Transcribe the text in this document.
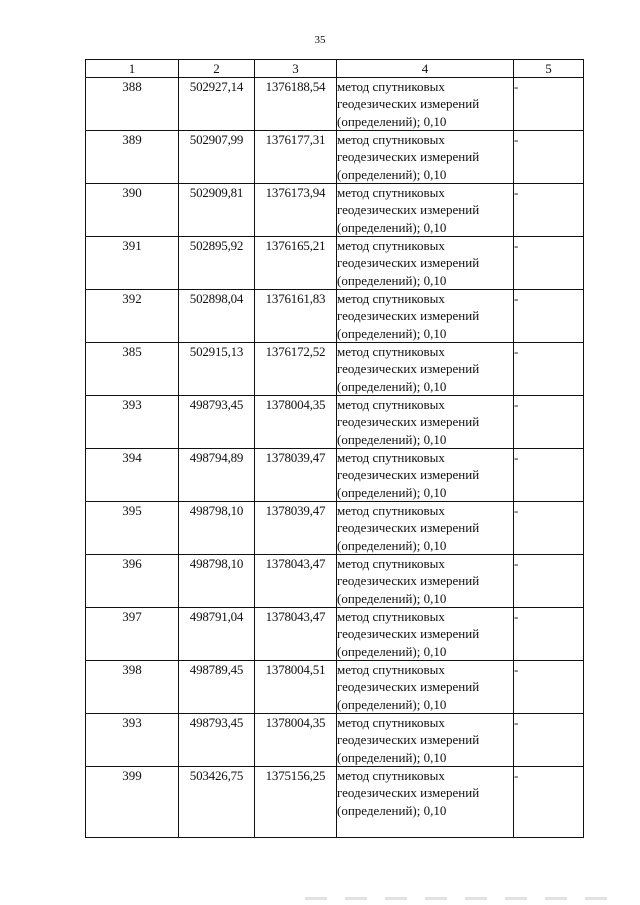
35
1	2	3	4	5
388	502927,14	1376188,54	метод спутниковых
геодезических измерений
(определений); 0,10	-
389	502907,99	1376177,31	метод спутниковых
геодезических измерений
(определений); 0,10	-
390	502909,81	1376173,94	метод спутниковых
геодезических измерений
(определений); 0,10	-
391	502895,92	1376165,21	метод спутниковых
геодезических измерений
(определений); 0,10	-
392	502898,04	1376161,83	метод спутниковых
геодезических измерений
(определений); 0,10	-
385	502915,13	1376172,52	метод спутниковых
геодезических измерений
(определений); 0,10	-
393	498793,45	1378004,35	метод спутниковых
геодезических измерений
(определений); 0,10	-
394	498794,89	1378039,47	метод спутниковых
геодезических измерений
(определений); 0,10	-
395	498798,10	1378039,47	метод спутниковых
геодезических измерений
(определений); 0,10	-
396	498798,10	1378043,47	метод спутниковых
геодезических измерений
(определений); 0,10	-
397	498791,04	1378043,47	метод спутниковых
геодезических измерений
(определений); 0,10	-
398	498789,45	1378004,51	метод спутниковых
геодезических измерений
(определений); 0,10	-
393	498793,45	1378004,35	метод спутниковых
геодезических измерений
(определений); 0,10	-
399	503426,75	1375156,25	метод спутниковых
геодезических измерений
(определений); 0,10	-
